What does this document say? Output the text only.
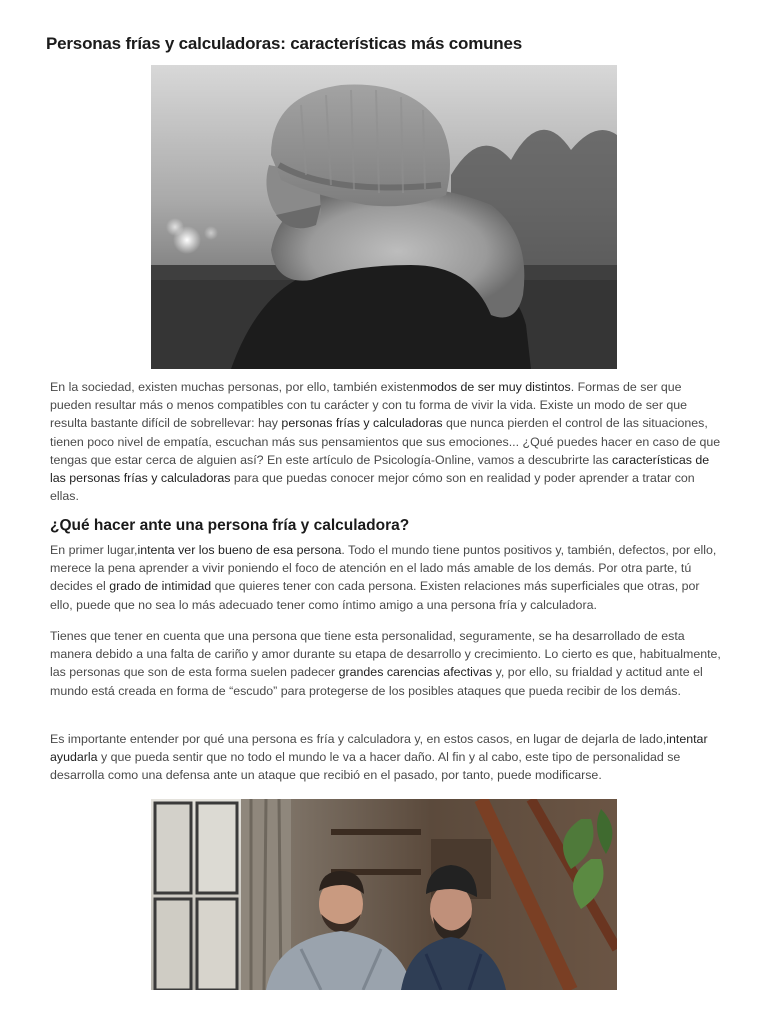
Personas frías y calculadoras: características más comunes

En la sociedad, existen muchas personas, por ello, también existenmodos de ser muy distintos. Formas de ser que pueden resultar más o menos compatibles con tu carácter y con tu forma de vivir la vida. Existe un modo de ser que resulta bastante difícil de sobrellevar: hay personas frías y calculadoras que nunca pierden el control de las situaciones, tienen poco nivel de empatía, escuchan más sus pensamientos que sus emociones... ¿Qué puedes hacer en caso de que tengas que estar cerca de alguien así? En este artículo de Psicología-Online, vamos a descubrirte las características de las personas frías y calculadoras para que puedas conocer mejor cómo son en realidad y poder aprender a tratar con ellas.

¿Qué hacer ante una persona fría y calculadora?

En primer lugar,intenta ver los bueno de esa persona. Todo el mundo tiene puntos positivos y, también, defectos, por ello, merece la pena aprender a vivir poniendo el foco de atención en el lado más amable de los demás. Por otra parte, tú decides el grado de intimidad que quieres tener con cada persona. Existen relaciones más superficiales que otras, por ello, puede que no sea lo más adecuado tener como íntimo amigo a una persona fría y calculadora.

Tienes que tener en cuenta que una persona que tiene esta personalidad, seguramente, se ha desarrollado de esta manera debido a una falta de cariño y amor durante su etapa de desarrollo y crecimiento. Lo cierto es que, habitualmente, las personas que son de esta forma suelen padecer grandes carencias afectivas y, por ello, su frialdad y actitud ante el mundo está creada en forma de “escudo” para protegerse de los posibles ataques que pueda recibir de los demás.

Es importante entender por qué una persona es fría y calculadora y, en estos casos, en lugar de dejarla de lado,intentar ayudarla y que pueda sentir que no todo el mundo le va a hacer daño. Al fin y al cabo, este tipo de personalidad se desarrolla como una defensa ante un ataque que recibió en el pasado, por tanto, puede modificarse.
